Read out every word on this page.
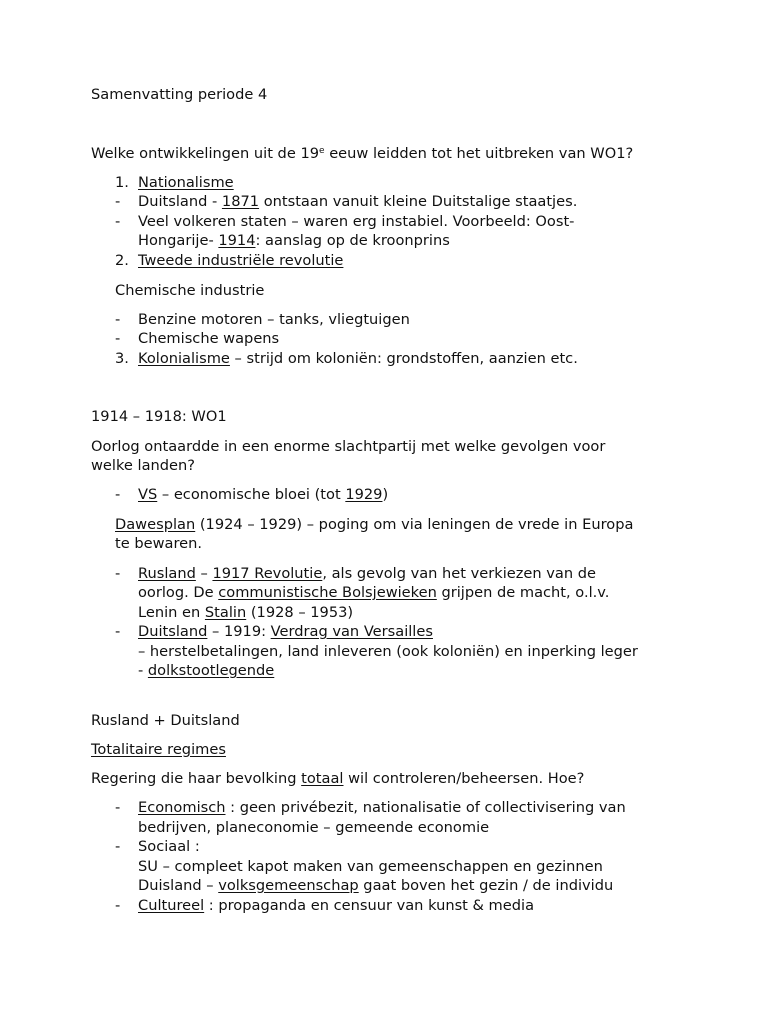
Samenvatting periode 4
Welke ontwikkelingen uit de 19e eeuw leidden tot het uitbreken van WO1?
1. Nationalisme
- Duitsland - 1871 ontstaan vanuit kleine Duitstalige staatjes.
- Veel volkeren staten – waren erg instabiel. Voorbeeld: Oost-
Hongarije- 1914: aanslag op de kroonprins
2. Tweede industriële revolutie
Chemische industrie
- Benzine motoren – tanks, vliegtuigen
- Chemische wapens
3. Kolonialisme – strijd om koloniën: grondstoffen, aanzien etc.
1914 – 1918: WO1
Oorlog ontaardde in een enorme slachtpartij met welke gevolgen voor
welke landen?
- VS – economische bloei (tot 1929)
Dawesplan (1924 – 1929) – poging om via leningen de vrede in Europa
te bewaren.
- Rusland – 1917 Revolutie, als gevolg van het verkiezen van de
oorlog. De communistische Bolsjewieken grijpen de macht, o.l.v.
Lenin en Stalin (1928 – 1953)
- Duitsland – 1919: Verdrag van Versailles
– herstelbetalingen, land inleveren (ook koloniën) en inperking leger
- dolkstootlegende
Rusland + Duitsland
Totalitaire regimes
Regering die haar bevolking totaal wil controleren/beheersen. Hoe?
- Economisch : geen privébezit, nationalisatie of collectivisering van
bedrijven, planeconomie – gemeende economie
- Sociaal :
SU – compleet kapot maken van gemeenschappen en gezinnen
Duisland – volksgemeenschap gaat boven het gezin / de individu
- Cultureel : propaganda en censuur van kunst & media
